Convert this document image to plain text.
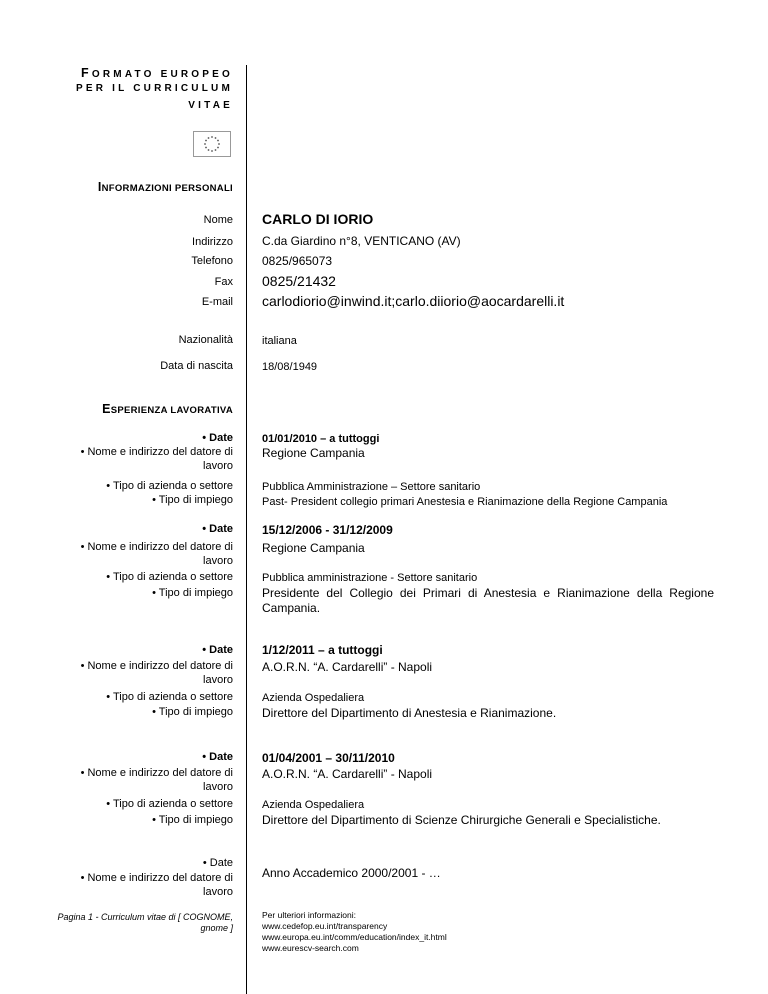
FORMATO EUROPEO
PER IL CURRICULUM
VITAE
INFORMAZIONI PERSONALI
Nome CARLO DI IORIO
Indirizzo C.da Giardino n°8, VENTICANO (AV)
Telefono 0825/965073
Fax 0825/21432
E-mail carlodiorio@inwind.it;carlo.diiorio@aocardarelli.it
Nazionalità	italiana
Data di nascita	18/08/1949
ESPERIENZA LAVORATIVA
• Date
• Nome e indirizzo del datore di lavoro
• Tipo di azienda o settore
• Tipo di impiego
01/01/2010 – a tuttoggi
Regione Campania
Pubblica Amministrazione – Settore sanitario
Past- President collegio primari Anestesia e Rianimazione della Regione Campania
• Date
• Nome e indirizzo del datore di lavoro
• Tipo di azienda o settore
• Tipo di impiego
15/12/2006 - 31/12/2009
Regione Campania
Pubblica amministrazione - Settore sanitario
Presidente del Collegio dei Primari di Anestesia e Rianimazione della Regione Campania.
• Date
• Nome e indirizzo del datore di lavoro
• Tipo di azienda o settore
• Tipo di impiego
1/12/2011 – a tuttoggi
A.O.R.N. “A. Cardarelli” - Napoli
Azienda Ospedaliera
Direttore del Dipartimento di Anestesia e Rianimazione.
• Date
• Nome e indirizzo del datore di lavoro
• Tipo di azienda o settore
• Tipo di impiego
01/04/2001 – 30/11/2010
A.O.R.N. “A. Cardarelli” - Napoli
Azienda Ospedaliera
Direttore del Dipartimento di Scienze Chirurgiche Generali e Specialistiche.
• Date
• Nome e indirizzo del datore di lavoro
Anno Accademico 2000/2001 - …
Pagina 1 - Curriculum vitae di [ COGNOME, gnome ]
Per ulteriori informazioni:
www.cedefop.eu.int/transparency
www.europa.eu.int/comm/education/index_it.html
www.eurescv-search.com
